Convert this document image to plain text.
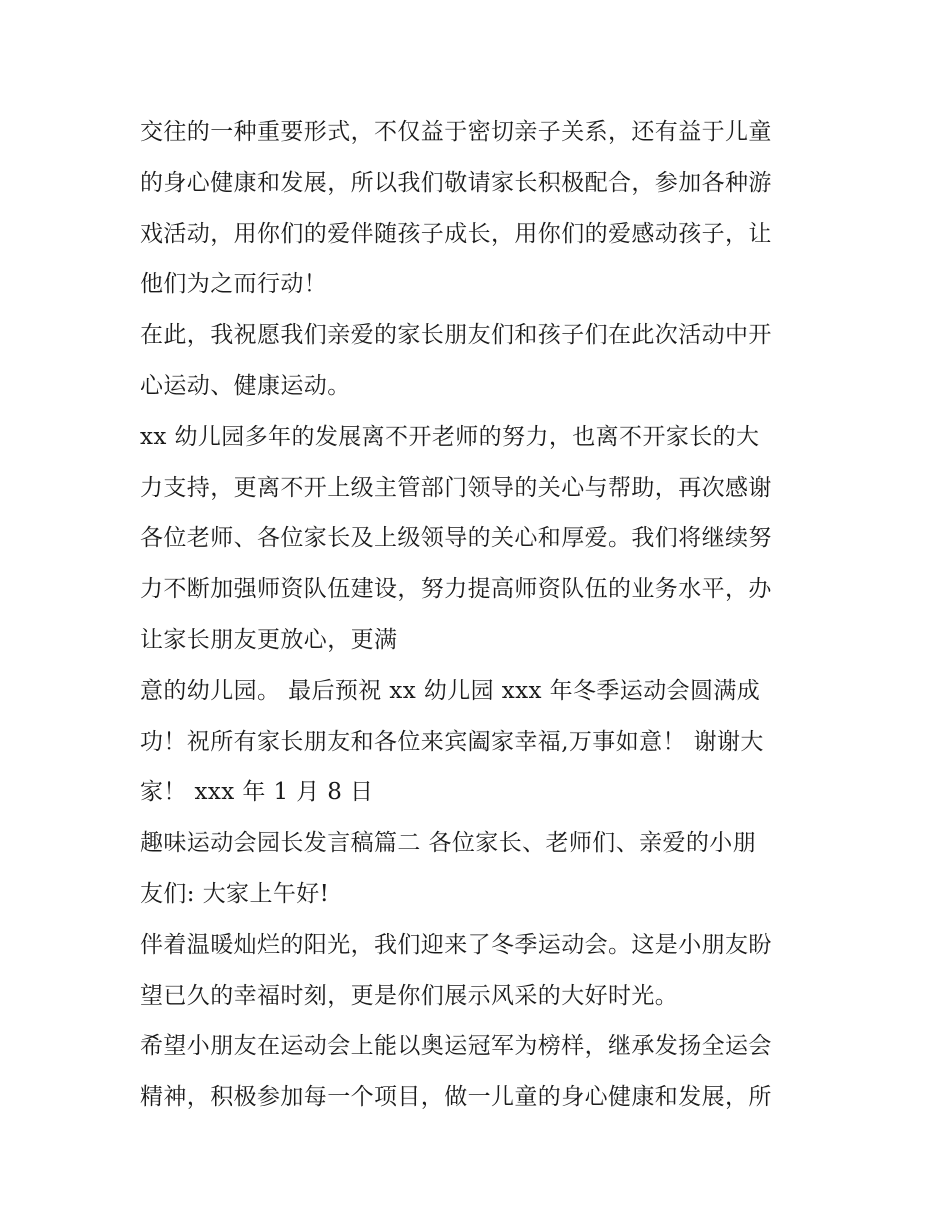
交往的一种重要形式，不仅益于密切亲子关系，还有益于儿童
的身心健康和发展，所以我们敬请家长积极配合，参加各种游
戏活动，用你们的爱伴随孩子成长，用你们的爱感动孩子，让
他们为之而行动！
在此，我祝愿我们亲爱的家长朋友们和孩子们在此次活动中开
心运动、健康运动。
xx 幼儿园多年的发展离不开老师的努力，也离不开家长的大
力支持，更离不开上级主管部门领导的关心与帮助，再次感谢
各位老师、各位家长及上级领导的关心和厚爱。我们将继续努
力不断加强师资队伍建设，努力提高师资队伍的业务水平，办
让家长朋友更放心，更满
意的幼儿园。 最后预祝 xx 幼儿园 xxx 年冬季运动会圆满成
功！祝所有家长朋友和各位来宾阖家幸福,万事如意！ 谢谢大
家！ xxx 年 1 月 8 日
趣味运动会园长发言稿篇二 各位家长、老师们、亲爱的小朋
友们: 大家上午好!
伴着温暖灿烂的阳光，我们迎来了冬季运动会。这是小朋友盼
望已久的幸福时刻，更是你们展示风采的大好时光。
希望小朋友在运动会上能以奥运冠军为榜样，继承发扬全运会
精神，积极参加每一个项目，做一儿童的身心健康和发展，所
